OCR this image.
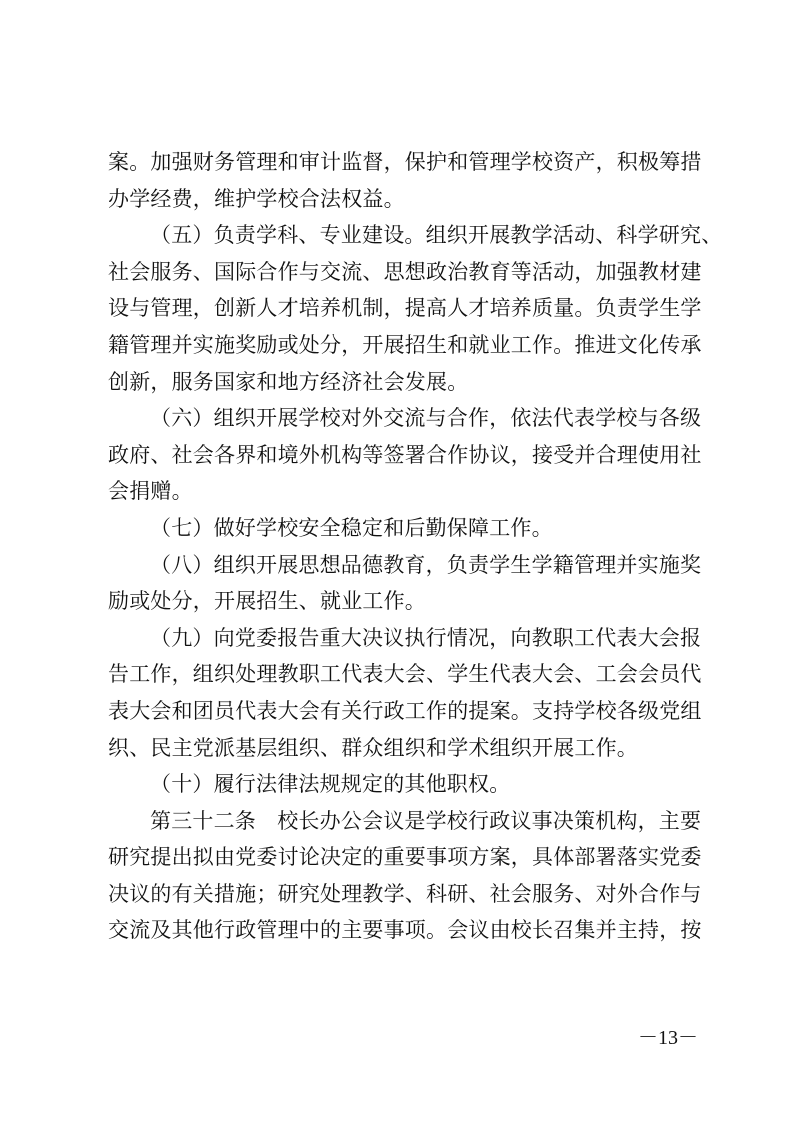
案。加强财务管理和审计监督，保护和管理学校资产，积极筹措
办学经费，维护学校合法权益。
（五）负责学科、专业建设。组织开展教学活动、科学研究、
社会服务、国际合作与交流、思想政治教育等活动，加强教材建
设与管理，创新人才培养机制，提高人才培养质量。负责学生学
籍管理并实施奖励或处分，开展招生和就业工作。推进文化传承
创新，服务国家和地方经济社会发展。
（六）组织开展学校对外交流与合作，依法代表学校与各级
政府、社会各界和境外机构等签署合作协议，接受并合理使用社
会捐赠。
（七）做好学校安全稳定和后勤保障工作。
（八）组织开展思想品德教育，负责学生学籍管理并实施奖
励或处分，开展招生、就业工作。
（九）向党委报告重大决议执行情况，向教职工代表大会报
告工作，组织处理教职工代表大会、学生代表大会、工会会员代
表大会和团员代表大会有关行政工作的提案。支持学校各级党组
织、民主党派基层组织、群众组织和学术组织开展工作。
（十）履行法律法规规定的其他职权。
第三十二条　校长办公会议是学校行政议事决策机构，主要
研究提出拟由党委讨论决定的重要事项方案，具体部署落实党委
决议的有关措施；研究处理教学、科研、社会服务、对外合作与
交流及其他行政管理中的主要事项。会议由校长召集并主持，按
－13－
